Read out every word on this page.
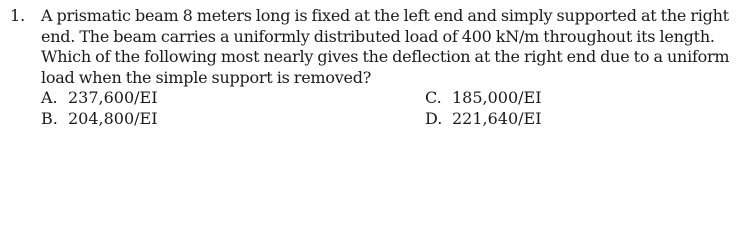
1. A prismatic beam 8 meters long is fixed at the left end and simply supported at the right end. The beam carries a uniformly distributed load of 400 kN/m throughout its length. Which of the following most nearly gives the deflection at the right end due to a uniform load when the simple support is removed?
A. 237,600/EI
B. 204,800/EI
C. 185,000/EI
D. 221,640/EI
